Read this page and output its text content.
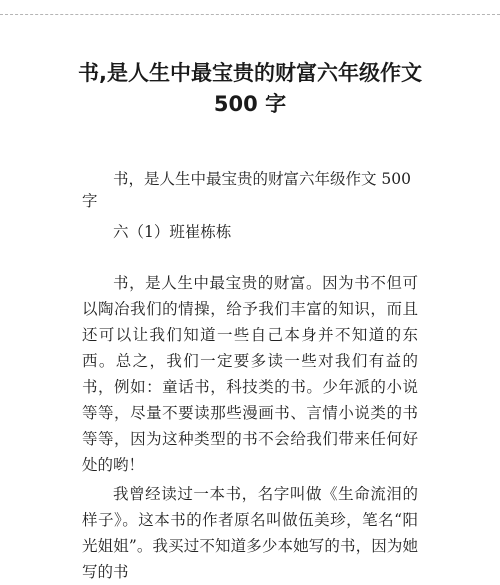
书,是人生中最宝贵的财富六年级作文
500 字
书，是人生中最宝贵的财富六年级作文 500 字
六（1）班崔栋栋
书，是人生中最宝贵的财富。因为书不但可以陶冶我们的情操，给予我们丰富的知识，而且还可以让我们知道一些自己本身并不知道的东西。总之，我们一定要多读一些对我们有益的书，例如：童话书，科技类的书。少年派的小说等等，尽量不要读那些漫画书、言情小说类的书等等，因为这种类型的书不会给我们带来任何好处的哟！
我曾经读过一本书，名字叫做《生命流泪的样子》。这本书的作者原名叫做伍美珍，笔名“阳光姐姐”。我买过不知道多少本她写的书，因为她写的书
